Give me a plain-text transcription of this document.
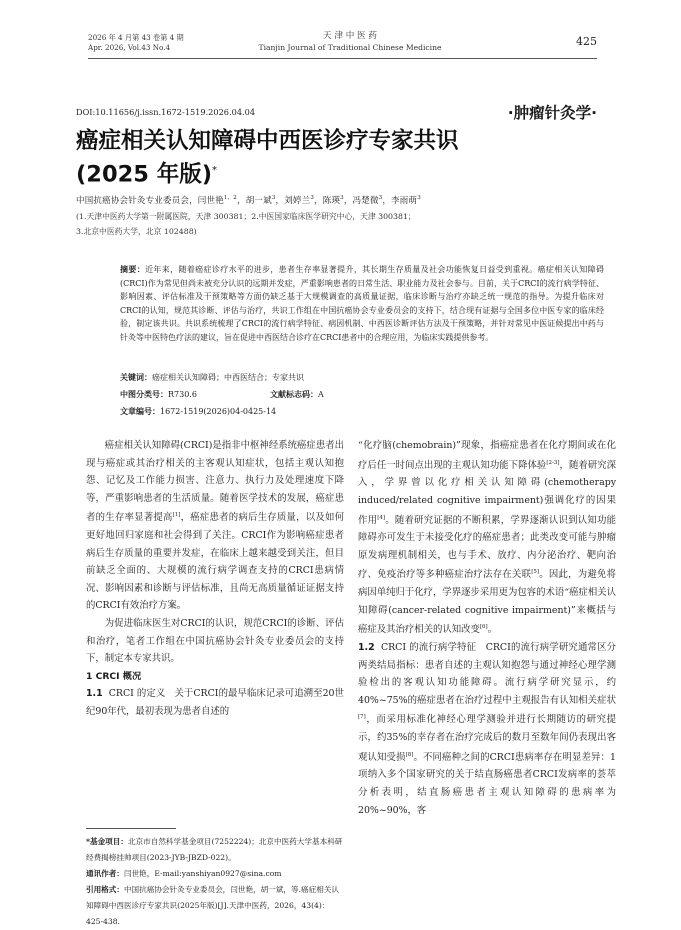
2026 年 4 月第 43 卷第 4 期
Apr. 2026, Vol.43 No.4
天 津 中 医 药
Tianjin Journal of Traditional Chinese Medicine	425
DOI:10.11656/j.issn.1672-1519.2026.04.04	·肿瘤针灸学·
癌症相关认知障碍中西医诊疗专家共识
(2025 年版)*
中国抗癌协会针灸专业委员会，闫世艳$^{1,2}$，胡一斌$^3$，刘婷兰$^3$，陈瑛$^3$，冯楚微$^3$，李雨萌$^3$
(1.天津中医药大学第一附属医院，天津 300381；2.中医国家临床医学研究中心，天津 300381；
3.北京中医药大学，北京 102488)
摘要：近年来，随着癌症诊疗水平的进步，患者生存率显著提升，其长期生存质量及社会功能恢复日益受到重视。癌症相关认知障碍(CRCI)作为常见但尚未被充分认识的远期并发症，严重影响患者的日常生活、职业能力及社会参与。目前，关于CRCI的流行病学特征、影响因素、评估标准及干预策略等方面仍缺乏基于大规模调查的高质量证据，临床诊断与治疗亦缺乏统一规范的指导。为提升临床对CRCI的认知，规范其诊断、评估与治疗，共识工作组在中国抗癌协会专业委员会的支持下，结合现有证据与全国多位中医专家的临床经验，制定该共识。共识系统梳理了CRCI的流行病学特征、病因机制、中西医诊断评估方法及干预策略，并针对常见中医证候提出中药与针灸等中医特色疗法的建议，旨在促进中西医结合诊疗在CRCI患者中的合理应用，为临床实践提供参考。
关键词：癌症相关认知障碍；中西医结合；专家共识
中图分类号：R730.6	文献标志码：A
文章编号：1672-1519(2026)04-0425-14

癌症相关认知障碍(CRCI)是指非中枢神经系统癌症患者出现与癌症或其治疗相关的主客观认知症状，包括主观认知抱怨、记忆及工作能力损害、注意力、执行力及处理速度下降等，严重影响患者的生活质量。随着医学技术的发展，癌症患者的生存率显著提高[1]，癌症患者的病后生存质量，以及如何更好地回归家庭和社会得到了关注。CRCI作为影响癌症患者病后生存质量的重要并发症，在临床上越来越受到关注，但目前缺乏全面的、大规模的流行病学调查支持的CRCI患病情况、影响因素和诊断与评估标准，且尚无高质量循证证据支持的CRCI有效治疗方案。

为促进临床医生对CRCI的认识，规范CRCI的诊断、评估和治疗，笔者工作组在中国抗癌协会针灸专业委员会的支持下，制定本专家共识。

1 CRCI 概况

1.1 CRCI 的定义 关于CRCI的最早临床记录可追溯至20世纪90年代，最初表现为患者自述的

*基金项目：北京市自然科学基金项目(7252224)；北京中医药大学基本科研经费揭榜挂帅项目(2023-JYB-JBZD-022)。
通讯作者：闫世艳，E-mail:yanshiyan0927@sina.com
引用格式：中国抗癌协会针灸专业委员会，闫世艳，胡一斌，等.癌症相关认知障碍中西医诊疗专家共识(2025年版)[J].天津中医药，2026，43(4)：425-438.

“化疗脑(chemobrain)”现象，指癌症患者在化疗期间或在化疗后任一时间点出现的主观认知功能下降体验[2-3]，随着研究深入，学界曾以化疗相关认知障碍(chemotherapy induced/related cognitive impairment)强调化疗的因果作用[4]。随着研究证据的不断积累，学界逐渐认识到认知功能障碍亦可发生于未接受化疗的癌症患者；此类改变可能与肿瘤原发病理机制相关，也与手术、放疗、内分泌治疗、靶向治疗、免疫治疗等多种癌症治疗法存在关联[5]。因此，为避免将病因单纯归于化疗，学界逐步采用更为包容的术语“癌症相关认知障碍(cancer-related cognitive impairment)”来概括与癌症及其治疗相关的认知改变[6]。

1.2 CRCI 的流行病学特征 CRCI的流行病学研究通常区分两类结局指标：患者自述的主观认知抱怨与通过神经心理学测验检出的客观认知功能障碍。流行病学研究显示，约40%~75%的癌症患者在治疗过程中主观报告有认知相关症状[7]，而采用标准化神经心理学测验并进行长期随访的研究提示，约35%的幸存者在治疗完成后的数月至数年间仍表现出客观认知受损[8]。不同癌种之间的CRCI患病率存在明显差异：1项纳入多个国家研究的关于结直肠癌患者CRCI发病率的荟萃分析表明，结直肠癌患者主观认知障碍的患病率为20%~90%，客
